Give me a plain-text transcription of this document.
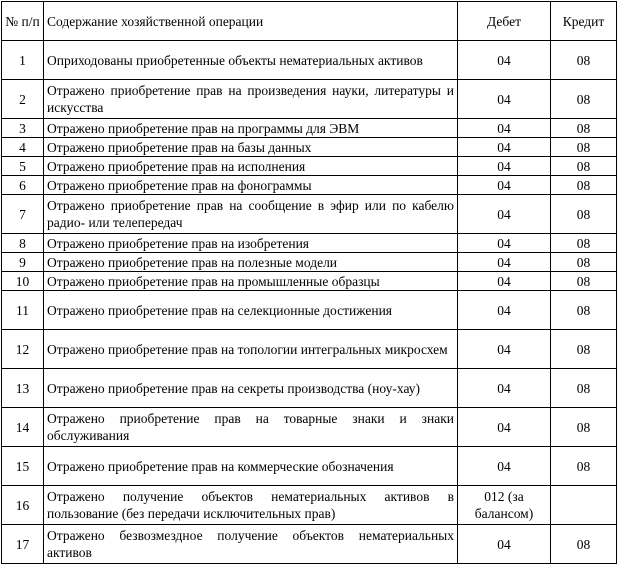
№ п/п	Содержание хозяйственной операции	Дебет	Кредит
1	Оприходованы приобретенные объекты нематериальных активов	04	08
2	Отражено приобретение прав на произведения науки, литературы и искусства	04	08
3	Отражено приобретение прав на программы для ЭВМ	04	08
4	Отражено приобретение прав на базы данных	04	08
5	Отражено приобретение прав на исполнения	04	08
6	Отражено приобретение прав на фонограммы	04	08
7	Отражено приобретение прав на сообщение в эфир или по кабелю радио- или телепередач	04	08
8	Отражено приобретение прав на изобретения	04	08
9	Отражено приобретение прав на полезные модели	04	08
10	Отражено приобретение прав на промышленные образцы	04	08
11	Отражено приобретение прав на селекционные достижения	04	08
12	Отражено приобретение прав на топологии интегральных микросхем	04	08
13	Отражено приобретение прав на секреты производства (ноу-хау)	04	08
14	Отражено приобретение прав на товарные знаки и знаки обслуживания	04	08
15	Отражено приобретение прав на коммерческие обозначения	04	08
16	Отражено получение объектов нематериальных активов в пользование (без передачи исключительных прав)	012 (за балансом)	
17	Отражено безвозмездное получение объектов нематериальных активов	04	08
